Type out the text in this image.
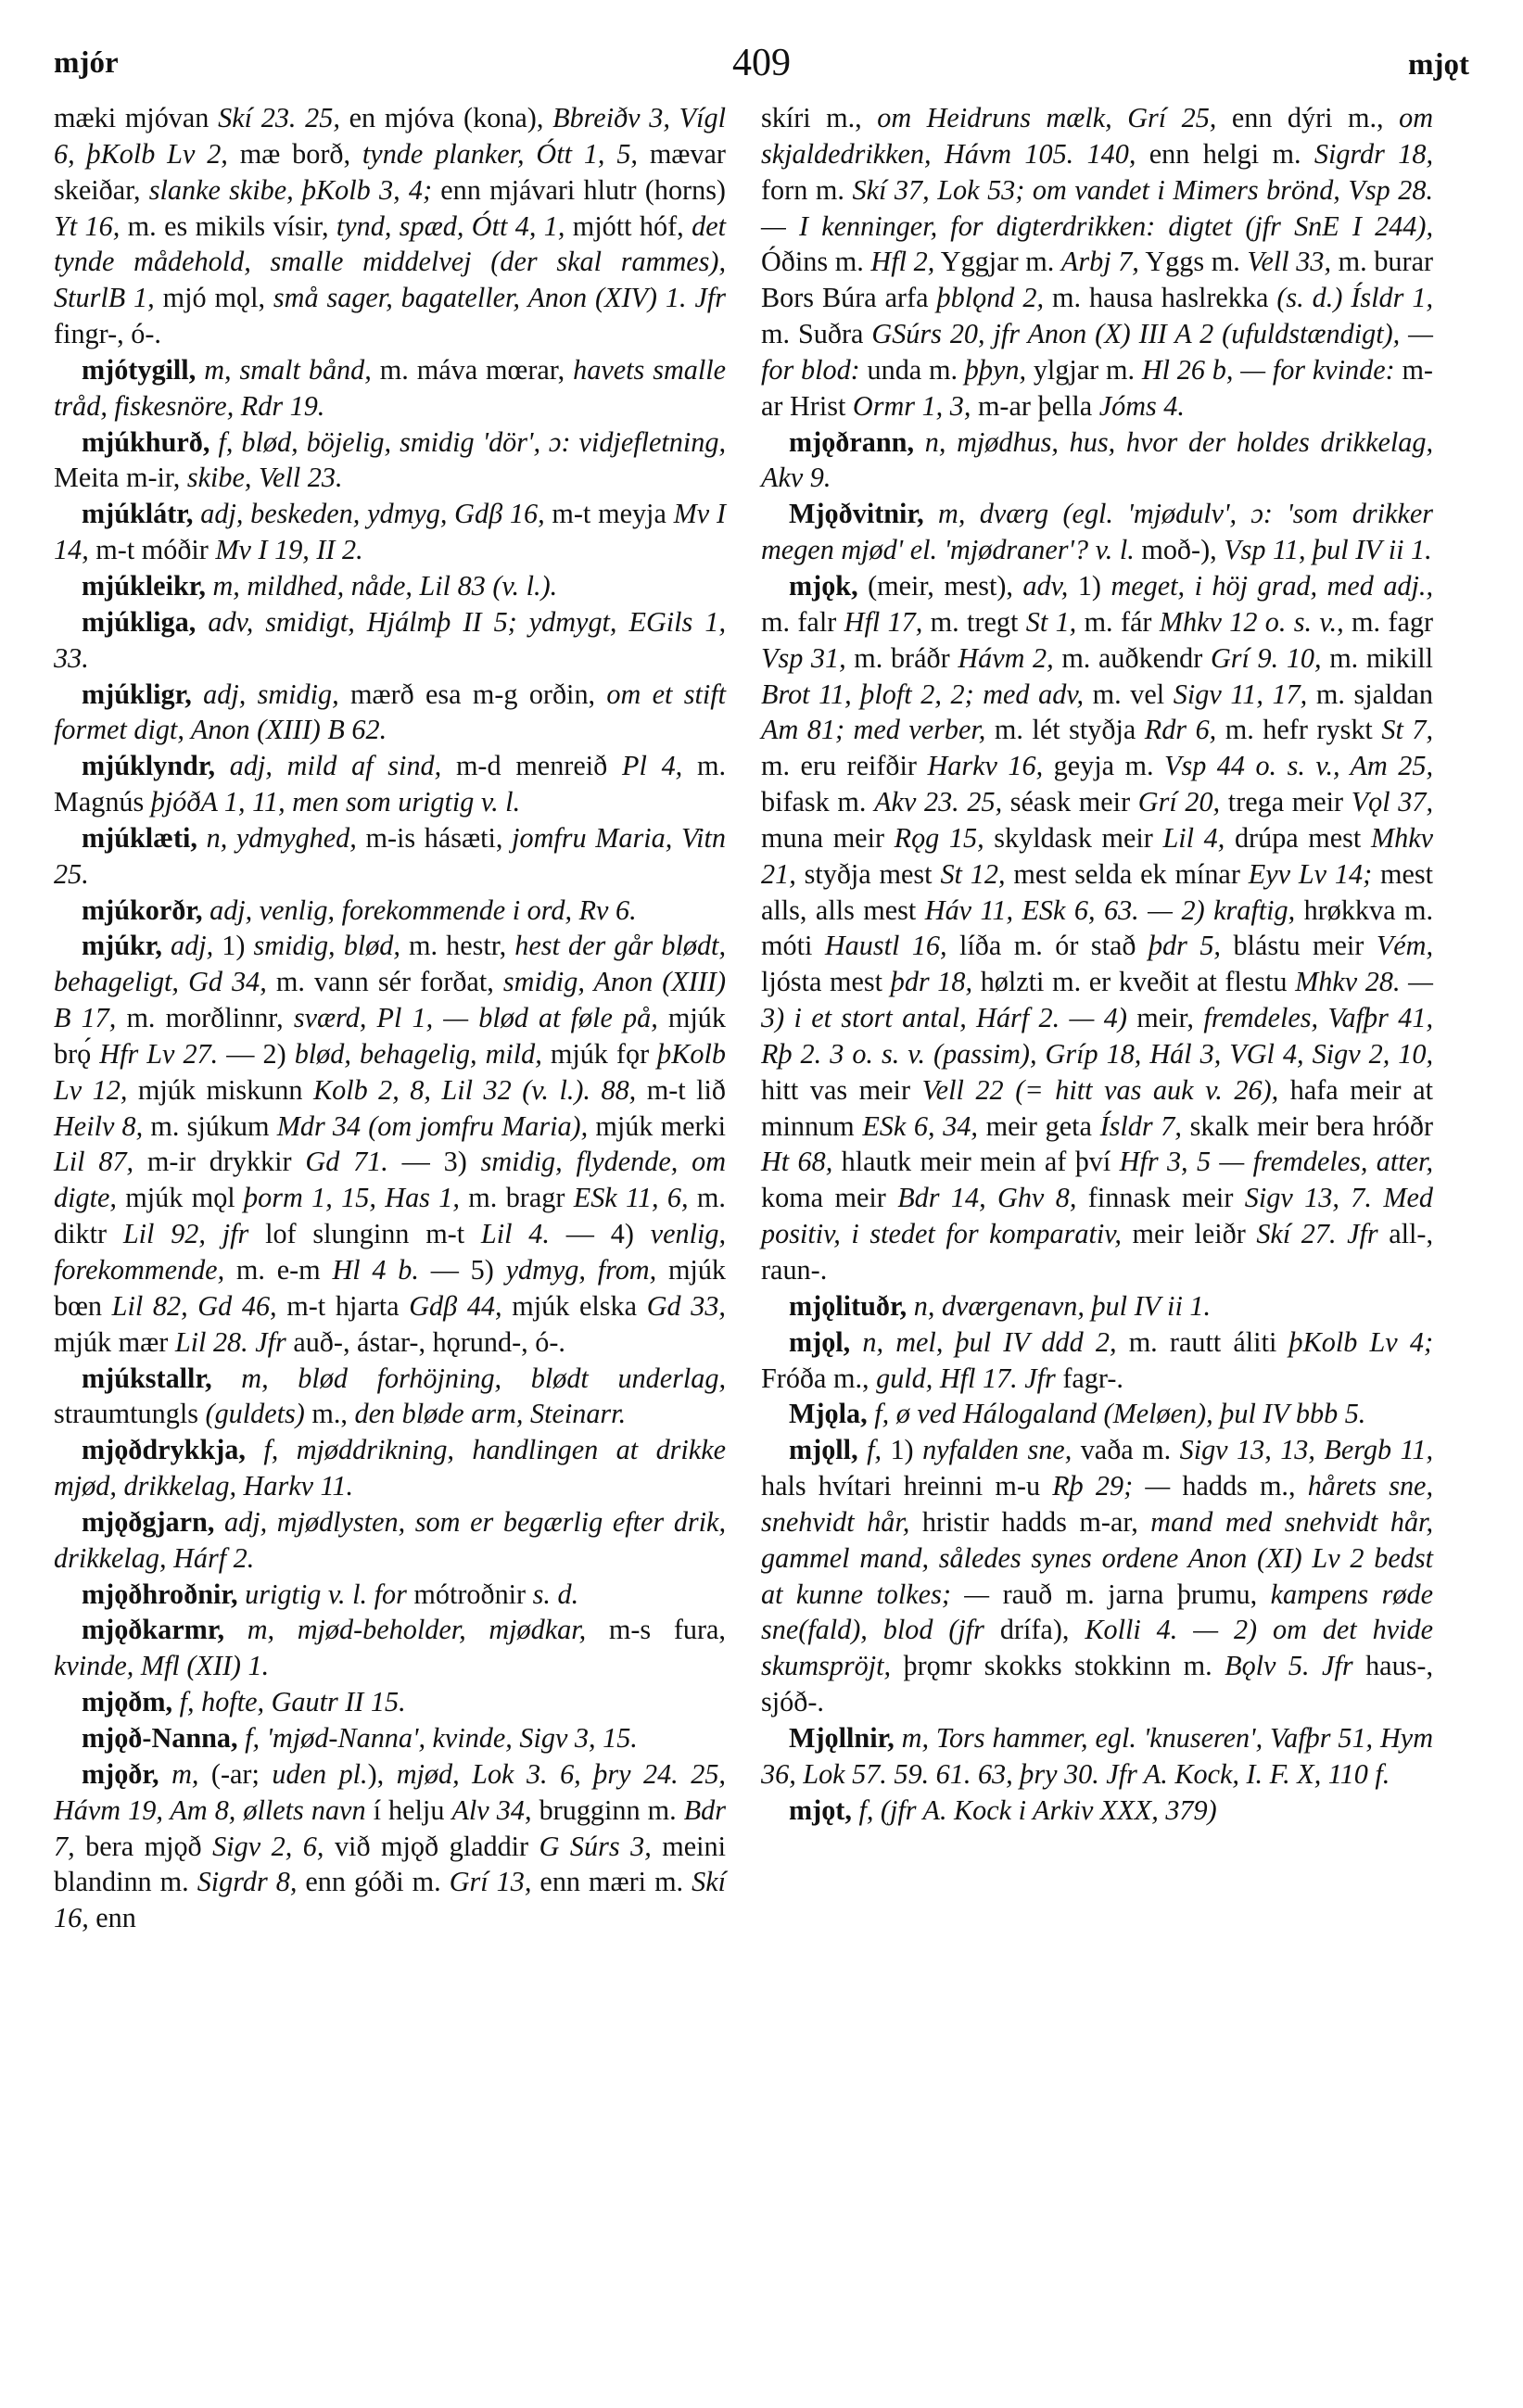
mjór	409	mjǫt

mæki mjóvan Skí 23. 25, en mjóva (kona), Bbreiðv 3, Vígl 6, þKolb Lv 2, mæ borð, tynde planker, Ótt 1, 5, mævar skeiðar, slanke skibe, þKolb 3, 4; enn mjávari hlutr (horns) Yt 16, m. es mikils vísir, tynd, spæd, Ótt 4, 1, mjótt hóf, det tynde mådehold, smalle middelvej (der skal rammes), SturlB 1, mjó mǫl, små sager, bagateller, Anon (XIV) 1. Jfr fingr-, ó-.

mjótygill, m, smalt bånd, m. máva mœrar, havets smalle tråd, fiskesnöre, Rdr 19.

mjúkhurð, f, blød, böjelig, smidig 'dör', ɔ: vidjefletning, Meita m-ir, skibe, Vell 23.

mjúklátr, adj, beskeden, ydmyg, Gdβ 16, m-t meyja Mv I 14, m-t móðir Mv I 19, II 2.

mjúkleikr, m, mildhed, nåde, Lil 83 (v. l.).

mjúkliga, adv, smidigt, Hjálmþ II 5; ydmygt, EGils 1, 33.

mjúkligr, adj, smidig, mærð esa m-g orðin, om et stift formet digt, Anon (XIII) B 62.

mjúklyndr, adj, mild af sind, m-d menreið Pl 4, m. Magnús þjóðA 1, 11, men som urigtig v. l.

mjúklæti, n, ydmyghed, m-is hásæti, jomfru Maria, Vitn 25.

mjúkorðr, adj, venlig, forekommende i ord, Rv 6.

mjúkr, adj, 1) smidig, blød, m. hestr, hest der går blødt, behageligt, Gd 34, m. vann sér forðat, smidig, Anon (XIII) B 17, m. morðlinnr, sværd, Pl 1, — blød at føle på, mjúk brǫ́ Hfr Lv 27. — 2) blød, behagelig, mild, mjúk fǫr þKolb Lv 12, mjúk miskunn Kolb 2, 8, Lil 32 (v. l.). 88, m-t lið Heilv 8, m. sjúkum Mdr 34 (om jomfru Maria), mjúk merki Lil 87, m-ir drykkir Gd 71. — 3) smidig, flydende, om digte, mjúk mǫl þorm 1, 15, Has 1, m. bragr ESk 11, 6, m. diktr Lil 92, jfr lof slunginn m-t Lil 4. — 4) venlig, forekommende, m. e-m Hl 4 b. — 5) ydmyg, from, mjúk bœn Lil 82, Gd 46, m-t hjarta Gdβ 44, mjúk elska Gd 33, mjúk mær Lil 28. Jfr auð-, ástar-, hǫrund-, ó-.

mjúkstallr, m, blød forhöjning, blødt underlag, straumtungls (guldets) m., den bløde arm, Steinarr.

mjǫðdrykkja, f, mjøddrikning, handlingen at drikke mjød, drikkelag, Harkv 11.

mjǫðgjarn, adj, mjødlysten, som er begærlig efter drik, drikkelag, Hárf 2.

mjǫðhroðnir, urigtig v. l. for mótroðnir s. d.

mjǫðkarmr, m, mjød-beholder, mjødkar, m-s fura, kvinde, Mfl (XII) 1.

mjǫðm, f, hofte, Gautr II 15.

mjǫð-Nanna, f, 'mjød-Nanna', kvinde, Sigv 3, 15.

mjǫðr, m, (-ar; uden pl.), mjød, Lok 3. 6, þry 24. 25, Hávm 19, Am 8, øllets navn í helju Alv 34, brugginn m. Bdr 7, bera mjǫð Sigv 2, 6, við mjǫð gladdir G Súrs 3, meini blandinn m. Sigrdr 8, enn góði m. Grí 13, enn mæri m. Skí 16, enn

skíri m., om Heidruns mælk, Grí 25, enn dýri m., om skjaldedrikken, Hávm 105. 140, enn helgi m. Sigrdr 18, forn m. Skí 37, Lok 53; om vandet i Mimers brönd, Vsp 28. — I kenninger, for digterdrikken: digtet (jfr SnE I 244), Óðins m. Hfl 2, Yggjar m. Arbj 7, Yggs m. Vell 33, m. burar Bors Búra arfa þblǫnd 2, m. hausa haslrekka (s. d.) Ísldr 1, m. Suðra GSúrs 20, jfr Anon (X) III A 2 (ufuldstændigt), — for blod: unda m. þþyn, ylgjar m. Hl 26 b, — for kvinde: m-ar Hrist Ormr 1, 3, m-ar þella Jóms 4.

mjǫðrann, n, mjødhus, hus, hvor der holdes drikkelag, Akv 9.

Mjǫðvitnir, m, dværg (egl. 'mjødulv', ɔ: 'som drikker megen mjød' el. 'mjødraner'? v. l. moð-), Vsp 11, þul IV ii 1.

mjǫk, (meir, mest), adv, 1) meget, i höj grad, med adj., m. falr Hfl 17, m. tregt St 1, m. fár Mhkv 12 o. s. v., m. fagr Vsp 31, m. bráðr Hávm 2, m. auðkendr Grí 9. 10, m. mikill Brot 11, þloft 2, 2; med adv, m. vel Sigv 11, 17, m. sjaldan Am 81; med verber, m. lét styðja Rdr 6, m. hefr ryskt St 7, m. eru reifðir Harkv 16, geyja m. Vsp 44 o. s. v., Am 25, bifask m. Akv 23. 25, séask meir Grí 20, trega meir Vǫl 37, muna meir Rǫg 15, skyldask meir Lil 4, drúpa mest Mhkv 21, styðja mest St 12, mest selda ek mínar Eyv Lv 14; mest alls, alls mest Háv 11, ESk 6, 63. — 2) kraftig, hrøkkva m. móti Haustl 16, líða m. ór stað þdr 5, blástu meir Vém, ljósta mest þdr 18, hølzti m. er kveðit at flestu Mhkv 28. — 3) i et stort antal, Hárf 2. — 4) meir, fremdeles, Vafþr 41, Rþ 2. 3 o. s. v. (passim), Gríp 18, Hál 3, VGl 4, Sigv 2, 10, hitt vas meir Vell 22 (= hitt vas auk v. 26), hafa meir at minnum ESk 6, 34, meir geta Ísldr 7, skalk meir bera hróðr Ht 68, hlautk meir mein af því Hfr 3, 5 — fremdeles, atter, koma meir Bdr 14, Ghv 8, finnask meir Sigv 13, 7. Med positiv, i stedet for komparativ, meir leiðr Skí 27. Jfr all-, raun-.

mjǫlituðr, n, dværgenavn, þul IV ii 1.

mjǫl, n, mel, þul IV ddd 2, m. rautt áliti þKolb Lv 4; Fróða m., guld, Hfl 17. Jfr fagr-.

Mjǫla, f, ø ved Hálogaland (Meløen), þul IV bbb 5.

mjǫll, f, 1) nyfalden sne, vaða m. Sigv 13, 13, Bergb 11, hals hvítari hreinni m-u Rþ 29; — hadds m., hårets sne, snehvidt hår, hristir hadds m-ar, mand med snehvidt hår, gammel mand, således synes ordene Anon (XI) Lv 2 bedst at kunne tolkes; — rauð m. jarna þrumu, kampens røde sne(fald), blod (jfr drífa), Kolli 4. — 2) om det hvide skumspröjt, þrǫmr skokks stokkinn m. Bǫlv 5. Jfr haus-, sjóð-.

Mjǫllnir, m, Tors hammer, egl. 'knuseren', Vafþr 51, Hym 36, Lok 57. 59. 61. 63, þry 30. Jfr A. Kock, I. F. X, 110 f.

mjǫt, f, (jfr A. Kock i Arkiv XXX, 379)
